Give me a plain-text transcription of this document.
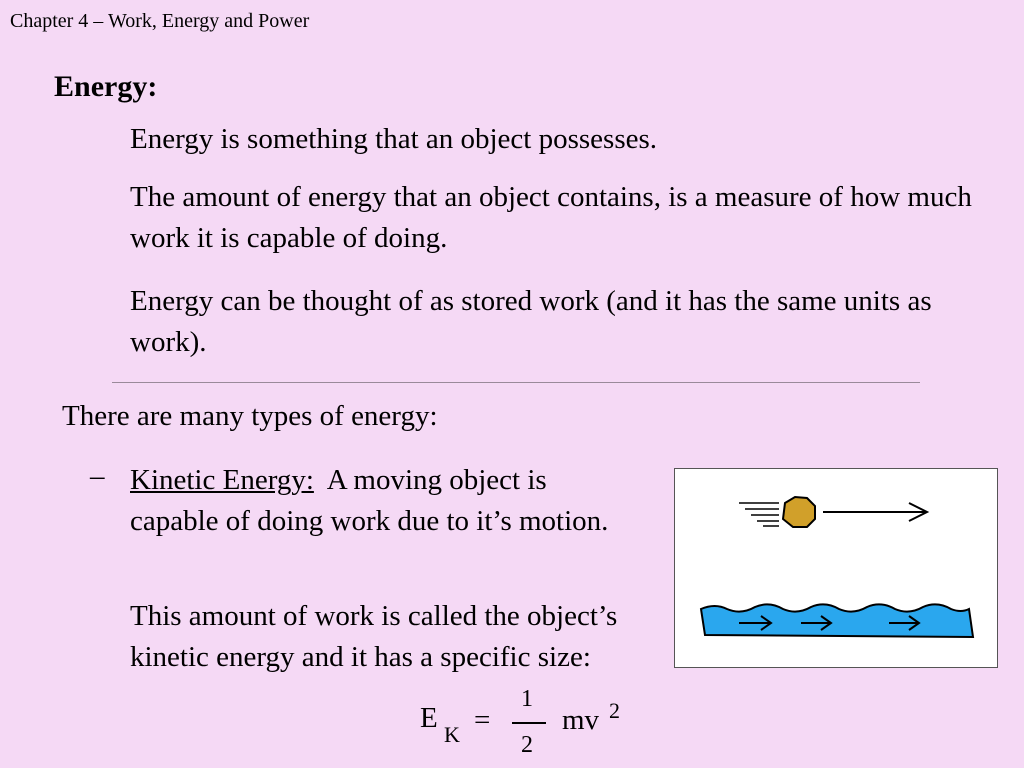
Chapter 4 – Work, Energy and Power
Energy:
Energy is something that an object possesses.
The amount of energy that an object contains, is a measure of how much work it is capable of doing.
Energy can be thought of as stored work (and it has the same units as work).
There are many types of energy:
– Kinetic Energy: A moving object is capable of doing work due to it’s motion.
This amount of work is called the object’s kinetic energy and it has a specific size:
E
K =
1
2
mv 2
